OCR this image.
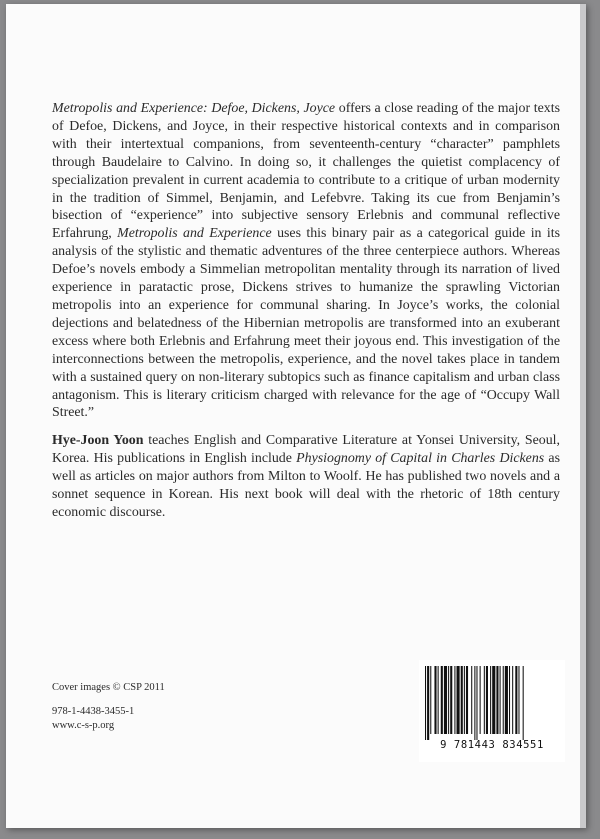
Metropolis and Experience: Defoe, Dickens, Joyce offers a close reading of the major texts of Defoe, Dickens, and Joyce, in their respective historical contexts and in comparison with their intertextual companions, from seventeenth-century “character” pamphlets through Baudelaire to Calvino. In doing so, it challenges the quietist complacency of specialization prevalent in current academia to contribute to a critique of urban modernity in the tradition of Simmel, Benjamin, and Lefebvre. Taking its cue from Benjamin’s bisection of “experience” into subjective sensory Erlebnis and communal reflective Erfahrung, Metropolis and Experience uses this binary pair as a categorical guide in its analysis of the stylistic and thematic adventures of the three centerpiece authors. Whereas Defoe’s novels embody a Simmelian metropolitan mentality through its narration of lived experience in paratactic prose, Dickens strives to humanize the sprawling Victorian metropolis into an experience for communal sharing. In Joyce’s works, the colonial dejections and belatedness of the Hibernian metropolis are transformed into an exuberant excess where both Erlebnis and Erfahrung meet their joyous end. This investigation of the interconnections between the metropolis, experience, and the novel takes place in tandem with a sustained query on non-literary subtopics such as finance capitalism and urban class antagonism. This is literary criticism charged with relevance for the age of “Occupy Wall Street.”

Hye-Joon Yoon teaches English and Comparative Literature at Yonsei University, Seoul, Korea. His publications in English include Physiognomy of Capital in Charles Dickens as well as articles on major authors from Milton to Woolf. He has published two novels and a sonnet sequence in Korean. His next book will deal with the rhetoric of 18th century economic discourse.

Cover images © CSP 2011
978-1-4438-3455-1
www.c-s-p.org
9 781443 834551
